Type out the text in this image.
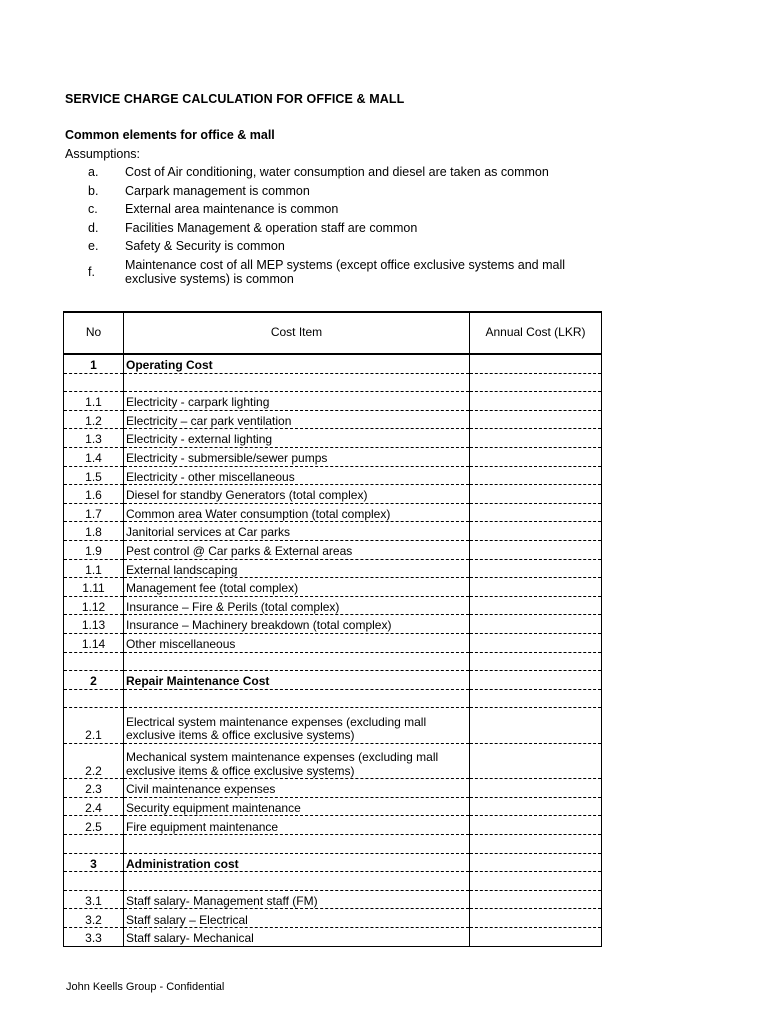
SERVICE CHARGE CALCULATION FOR OFFICE & MALL
Common elements for office & mall
Assumptions:
a.	Cost of Air conditioning, water consumption and diesel are taken as common
b.	Carpark management is common
c.	External area maintenance is common
d.	Facilities Management & operation staff are common
e.	Safety & Security is common
f.
Maintenance cost of all MEP systems (except office exclusive systems and mall exclusive systems) is common
No	Cost Item	Annual Cost (LKR)
1	Operating Cost	

1.1	Electricity - carpark lighting	
1.2	Electricity – car park ventilation	
1.3	Electricity - external lighting	
1.4	Electricity - submersible/sewer pumps	
1.5	Electricity - other miscellaneous	
1.6	Diesel for standby Generators (total complex)	
1.7	Common area Water consumption (total complex)	
1.8	Janitorial services at Car parks	
1.9	Pest control @ Car parks & External areas	
1.1	External landscaping	
1.11	Management fee (total complex)	
1.12	Insurance – Fire & Perils (total complex)	
1.13	Insurance – Machinery breakdown (total complex)	
1.14	Other miscellaneous	

2	Repair Maintenance Cost	

2.1	Electrical system maintenance expenses (excluding mall exclusive items & office exclusive systems)	
2.2	Mechanical system maintenance expenses (excluding mall exclusive items & office exclusive systems)	
2.3	Civil maintenance expenses	
2.4	Security equipment maintenance	
2.5	Fire equipment maintenance	

3	Administration cost	

3.1	Staff salary- Management staff (FM)	
3.2	Staff salary – Electrical	
3.3	Staff salary- Mechanical	
John Keells Group - Confidential
